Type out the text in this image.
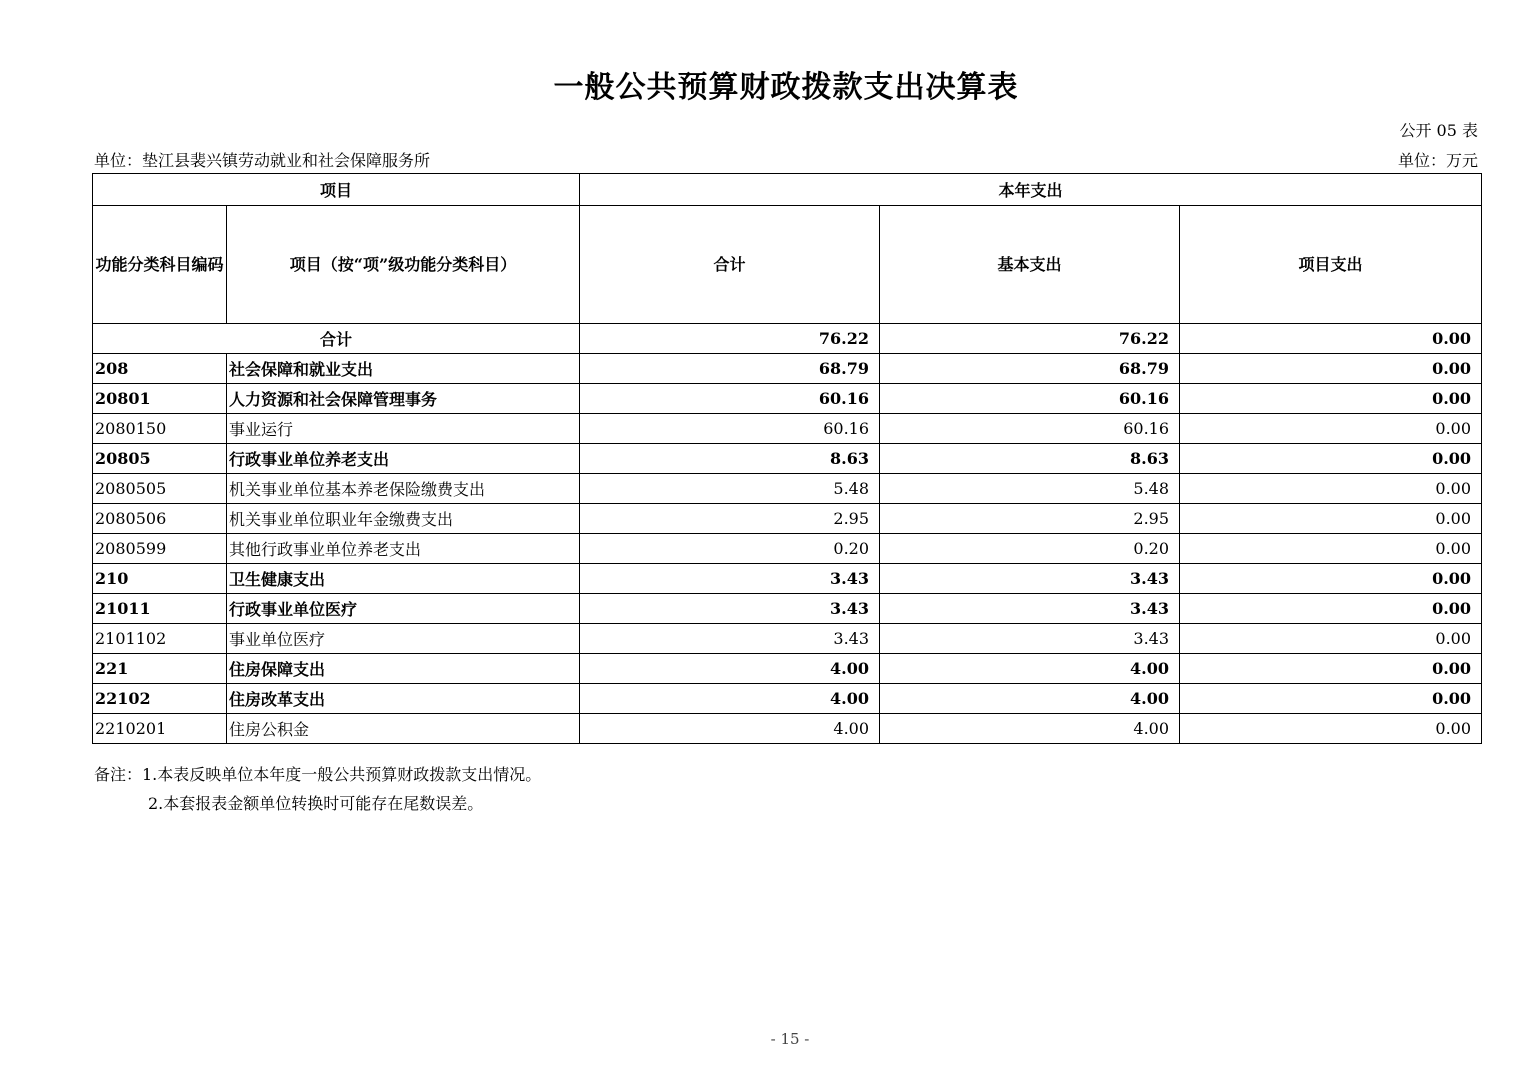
一般公共预算财政拨款支出决算表
公开 05 表
单位：垫江县裴兴镇劳动就业和社会保障服务所	单位：万元
项目		本年支出		
功能分类科目编码	项目（按“项”级功能分类科目）	合计	基本支出	项目支出
合计		76.22	76.22	0.00
208	社会保障和就业支出	68.79	68.79	0.00
20801	人力资源和社会保障管理事务	60.16	60.16	0.00
2080150	事业运行	60.16	60.16	0.00
20805	行政事业单位养老支出	8.63	8.63	0.00
2080505	机关事业单位基本养老保险缴费支出	5.48	5.48	0.00
2080506	机关事业单位职业年金缴费支出	2.95	2.95	0.00
2080599	其他行政事业单位养老支出	0.20	0.20	0.00
210	卫生健康支出	3.43	3.43	0.00
21011	行政事业单位医疗	3.43	3.43	0.00
2101102	事业单位医疗	3.43	3.43	0.00
221	住房保障支出	4.00	4.00	0.00
22102	住房改革支出	4.00	4.00	0.00
2210201	住房公积金	4.00	4.00	0.00
备注：1.本表反映单位本年度一般公共预算财政拨款支出情况。
2.本套报表金额单位转换时可能存在尾数误差。
- 15 -
